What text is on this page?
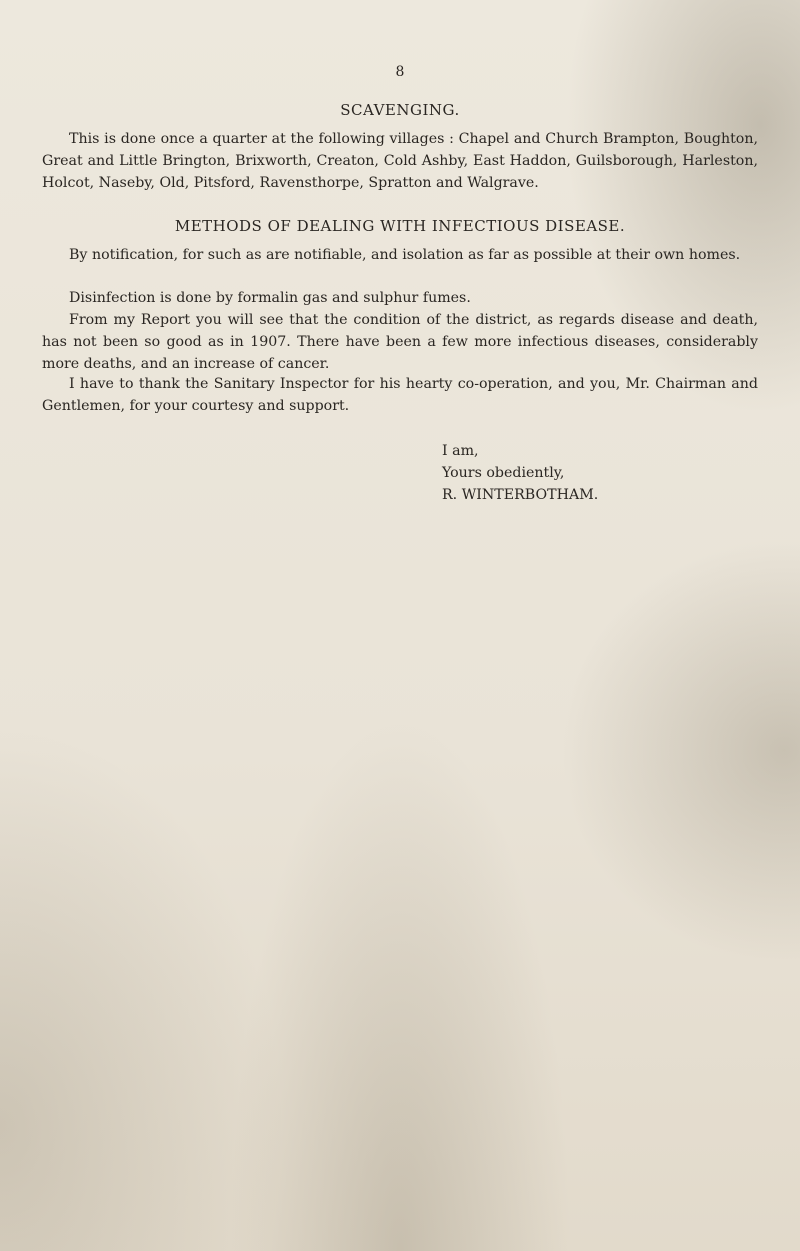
8
SCAVENGING.
This is done once a quarter at the following villages : Chapel and Church Brampton, Boughton, Great and Little Brington, Brixworth, Creaton, Cold Ashby, East Haddon, Guilsborough, Harleston, Holcot, Naseby, Old, Pitsford, Ravensthorpe, Spratton and Walgrave.
METHODS OF DEALING WITH INFECTIOUS DISEASE.
By notification, for such as are notifiable, and isolation as far as possible at their own homes.
Disinfection is done by formalin gas and sulphur fumes.
From my Report you will see that the condition of the district, as regards disease and death, has not been so good as in 1907. There have been a few more infectious diseases, considerably more deaths, and an increase of cancer.
I have to thank the Sanitary Inspector for his hearty co-operation, and you, Mr. Chairman and Gentlemen, for your courtesy and support.
I am,
Yours obediently,
R. WINTERBOTHAM.
